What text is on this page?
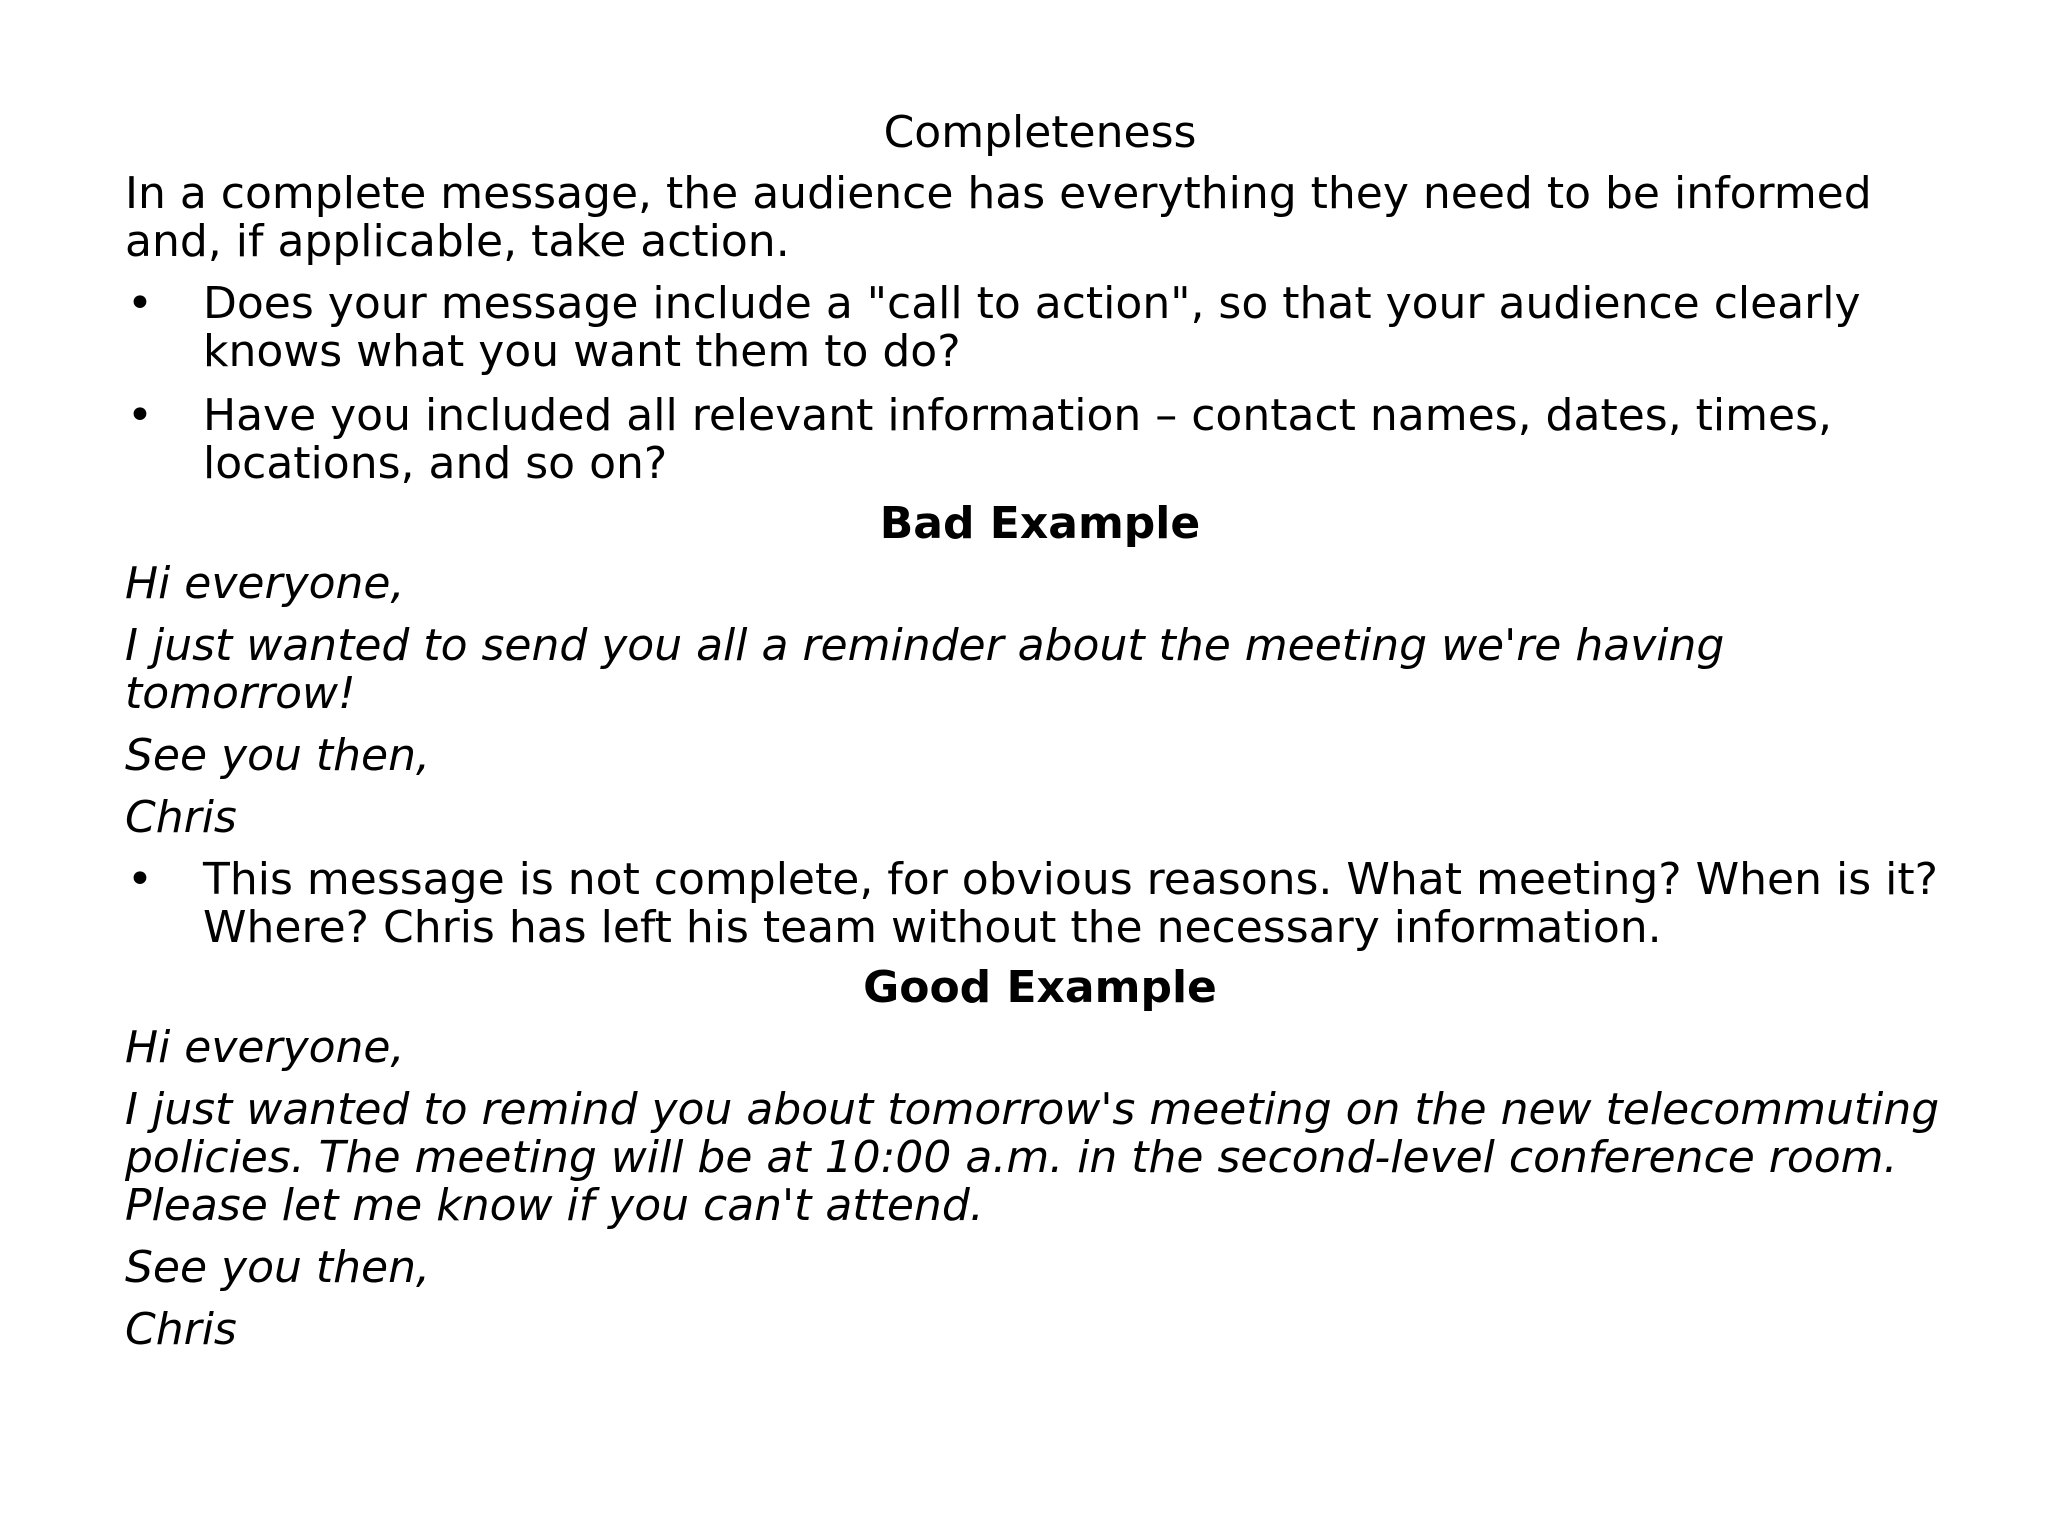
Completeness

In a complete message, the audience has everything they need to be informed and, if applicable, take action.

• Does your message include a "call to action", so that your audience clearly knows what you want them to do?
• Have you included all relevant information – contact names, dates, times, locations, and so on?

Bad Example

Hi everyone,

I just wanted to send you all a reminder about the meeting we're having tomorrow!

See you then,

Chris

• This message is not complete, for obvious reasons. What meeting? When is it? Where? Chris has left his team without the necessary information.

Good Example

Hi everyone,

I just wanted to remind you about tomorrow's meeting on the new telecommuting policies. The meeting will be at 10:00 a.m. in the second-level conference room. Please let me know if you can't attend.

See you then,

Chris
